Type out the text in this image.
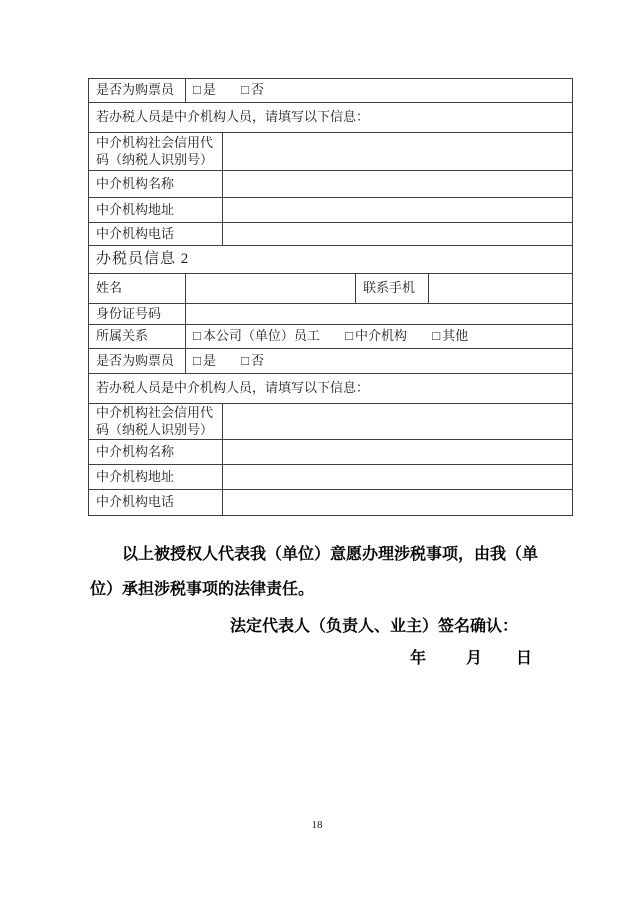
是否为购票员	□ 是 □ 否			
若办税人员是中介机构人员，请填写以下信息：				
中介机构社会信用代码（纳税人识别号）				
中介机构名称				
中介机构地址				
中介机构电话				
办税员信息 2				
姓名			联系手机	
身份证号码				
所属关系	□ 本公司（单位）员工 □ 中介机构 □ 其他			
是否为购票员	□ 是 □ 否			
若办税人员是中介机构人员，请填写以下信息：				
中介机构社会信用代码（纳税人识别号）				
中介机构名称				
中介机构地址				
中介机构电话				
以上被授权人代表我（单位）意愿办理涉税事项，由我（单
位）承担涉税事项的法律责任。
法定代表人（负责人、业主）签名确认：
年	月 日
18
